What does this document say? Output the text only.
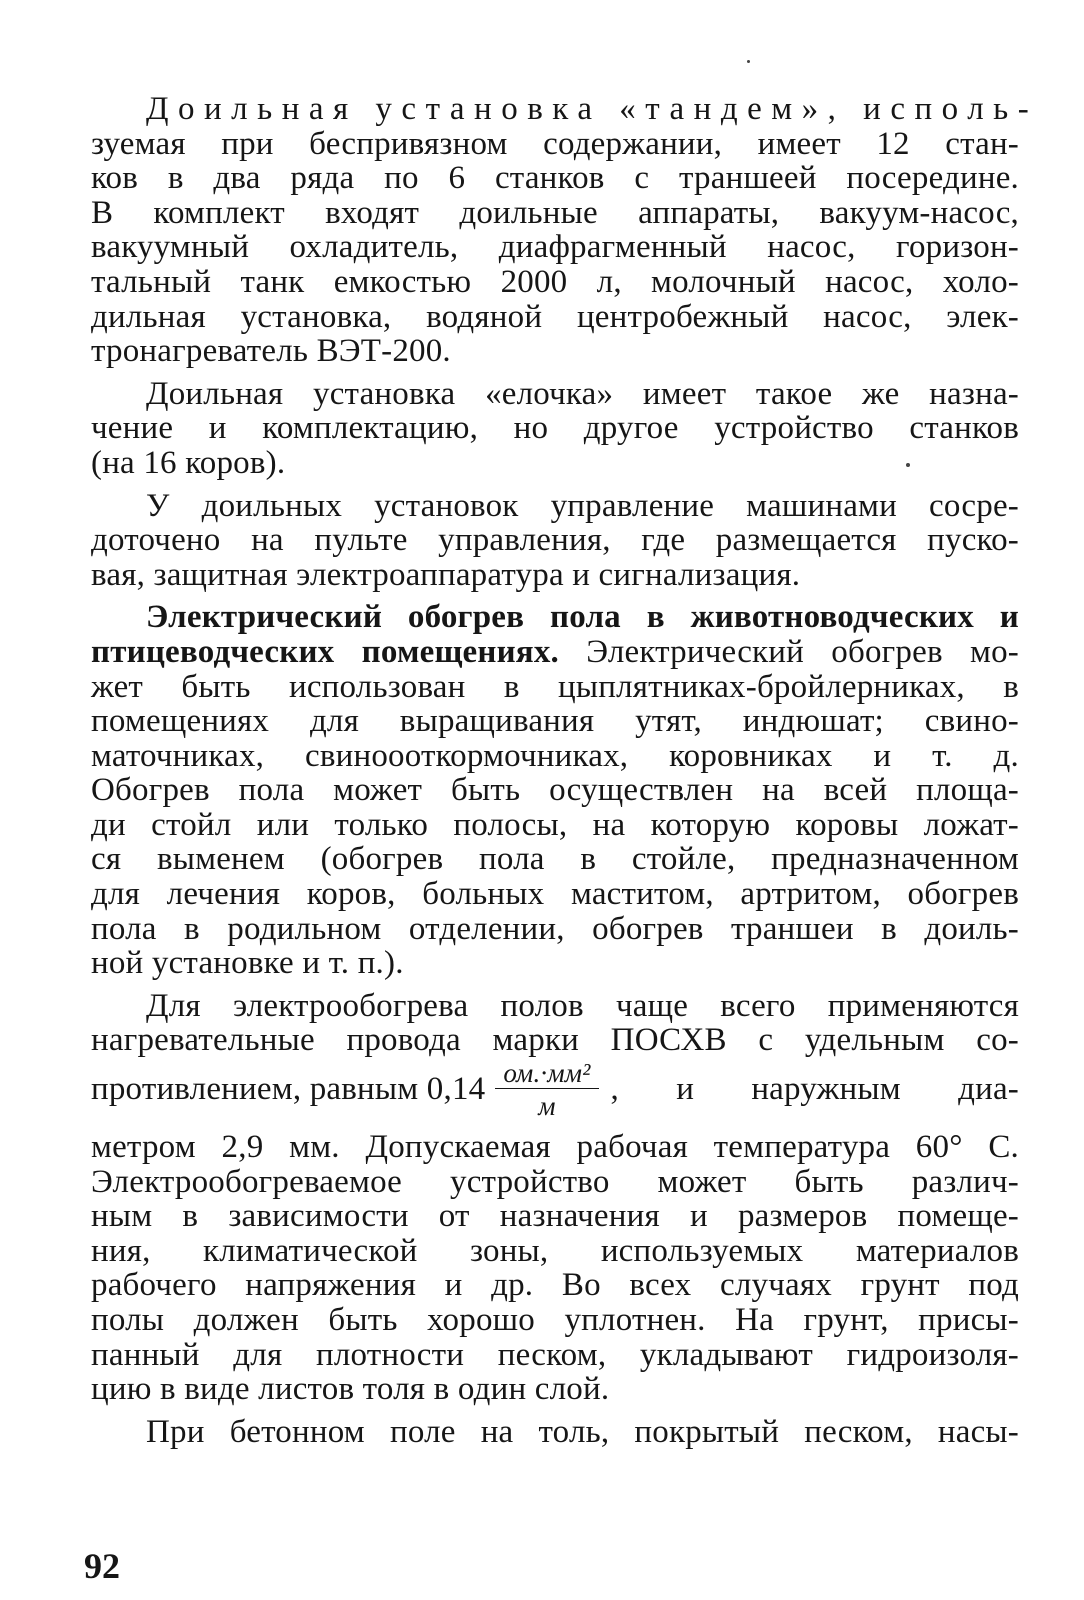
Доильная установка «тандем», исполь-
зуемая при беспривязном содержании, имеет 12 стан-
ков в два ряда по 6 станков с траншеей посередине.
В комплект входят доильные аппараты, вакуум-насос,
вакуумный охладитель, диафрагменный насос, горизон-
тальный танк емкостью 2000 л, молочный насос, холо-
дильная установка, водяной центробежный насос, элек-
тронагреватель ВЭТ-200.

Доильная установка «елочка» имеет такое же назна-
чение и комплектацию, но другое устройство станков
(на 16 коров).

У доильных установок управление машинами сосре-
доточено на пульте управления, где размещается пуско-
вая, защитная электроаппаратура и сигнализация.

Электрический обогрев пола в животноводческих и
птицеводческих помещениях. Электрический обогрев мо-
жет быть использован в цыплятниках-бройлерниках, в
помещениях для выращивания утят, индюшат; свино-
маточниках, свиноооткормочниках, коровниках и т. д.
Обогрев пола может быть осуществлен на всей площа-
ди стойл или только полосы, на которую коровы ложат-
ся выменем (обогрев пола в стойле, предназначенном
для лечения коров, больных маститом, артритом, обогрев
пола в родильном отделении, обогрев траншеи в доиль-
ной установке и т. п.).

Для электрообогрева полов чаще всего применяются
нагревательные провода марки ПОСХВ с удельным со-
противлением, равным $0,14 \frac{\text{ом.·мм²}}{м}$ , и наружным диа-
метром 2,9 мм. Допускаемая рабочая температура 60° С.
Электрообогреваемое устройство может быть различ-
ным в зависимости от назначения и размеров помеще-
ния, климатической зоны, используемых материалов
рабочего напряжения и др. Во всех случаях грунт под
полы должен быть хорошо уплотнен. На грунт, присы-
панный для плотности песком, укладывают гидроизоля-
цию в виде листов толя в один слой.

При бетонном поле на толь, покрытый песком, насы-

92
